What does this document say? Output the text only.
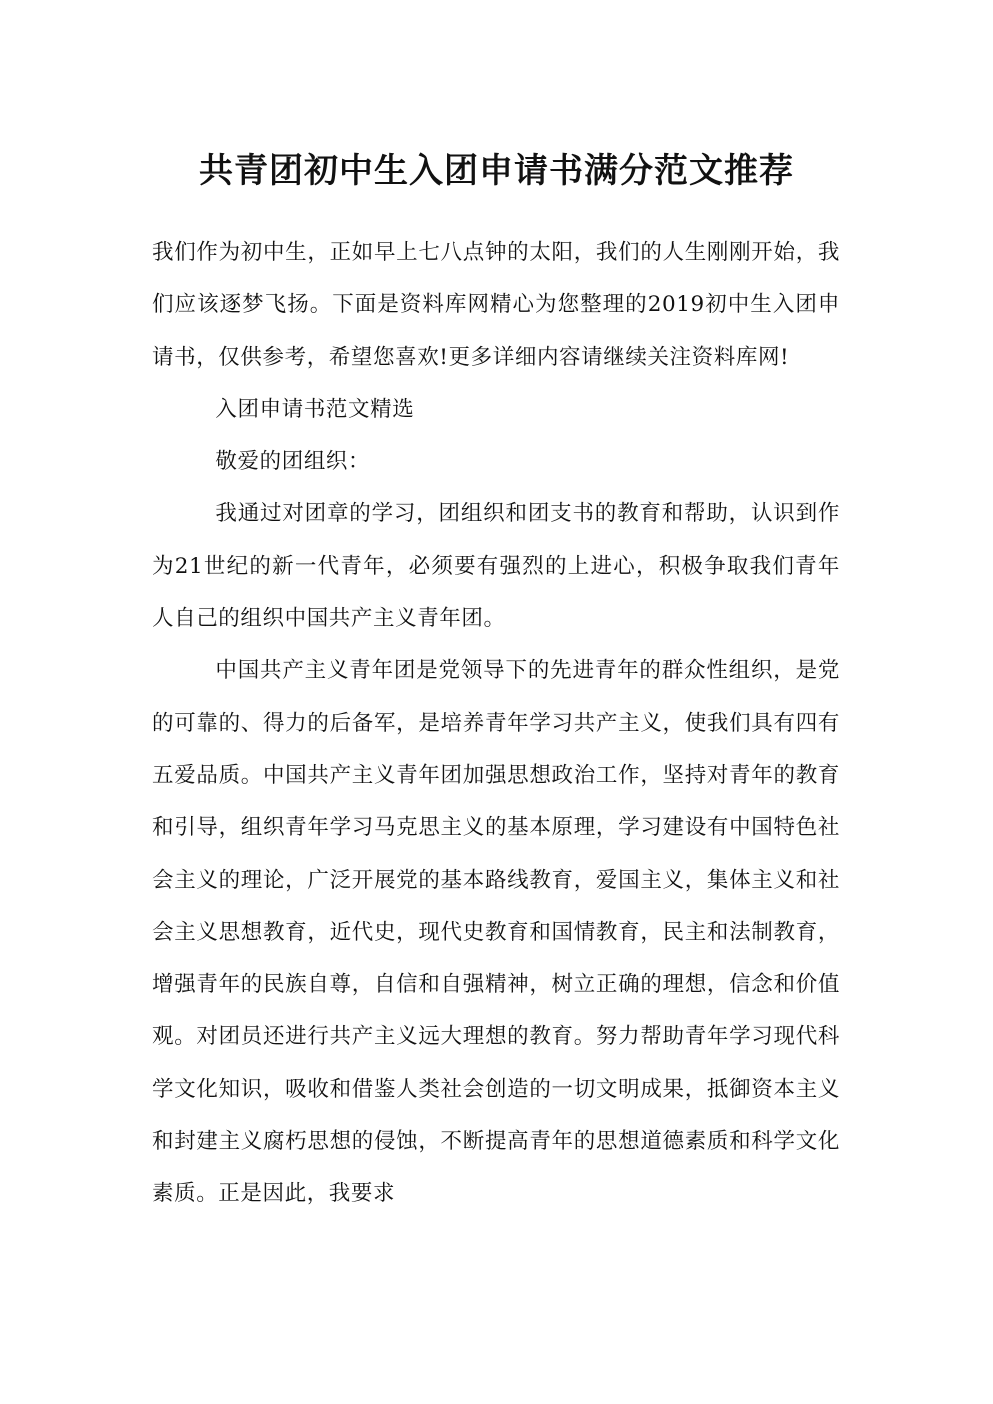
共青团初中生入团申请书满分范文推荐

我们作为初中生，正如早上七八点钟的太阳，我们的人生刚刚开始，我们应该逐梦飞扬。下面是资料库网精心为您整理的2019初中生入团申请书，仅供参考，希望您喜欢!更多详细内容请继续关注资料库网!

入团申请书范文精选

敬爱的团组织：

我通过对团章的学习，团组织和团支书的教育和帮助，认识到作为21世纪的新一代青年，必须要有强烈的上进心，积极争取我们青年人自己的组织中国共产主义青年团。

中国共产主义青年团是党领导下的先进青年的群众性组织，是党的可靠的、得力的后备军，是培养青年学习共产主义，使我们具有四有五爱品质。中国共产主义青年团加强思想政治工作，坚持对青年的教育和引导，组织青年学习马克思主义的基本原理，学习建设有中国特色社会主义的理论，广泛开展党的基本路线教育，爱国主义，集体主义和社会主义思想教育，近代史，现代史教育和国情教育，民主和法制教育，增强青年的民族自尊，自信和自强精神，树立正确的理想，信念和价值观。对团员还进行共产主义远大理想的教育。努力帮助青年学习现代科学文化知识，吸收和借鉴人类社会创造的一切文明成果，抵御资本主义和封建主义腐朽思想的侵蚀，不断提高青年的思想道德素质和科学文化素质。正是因此，我要求
